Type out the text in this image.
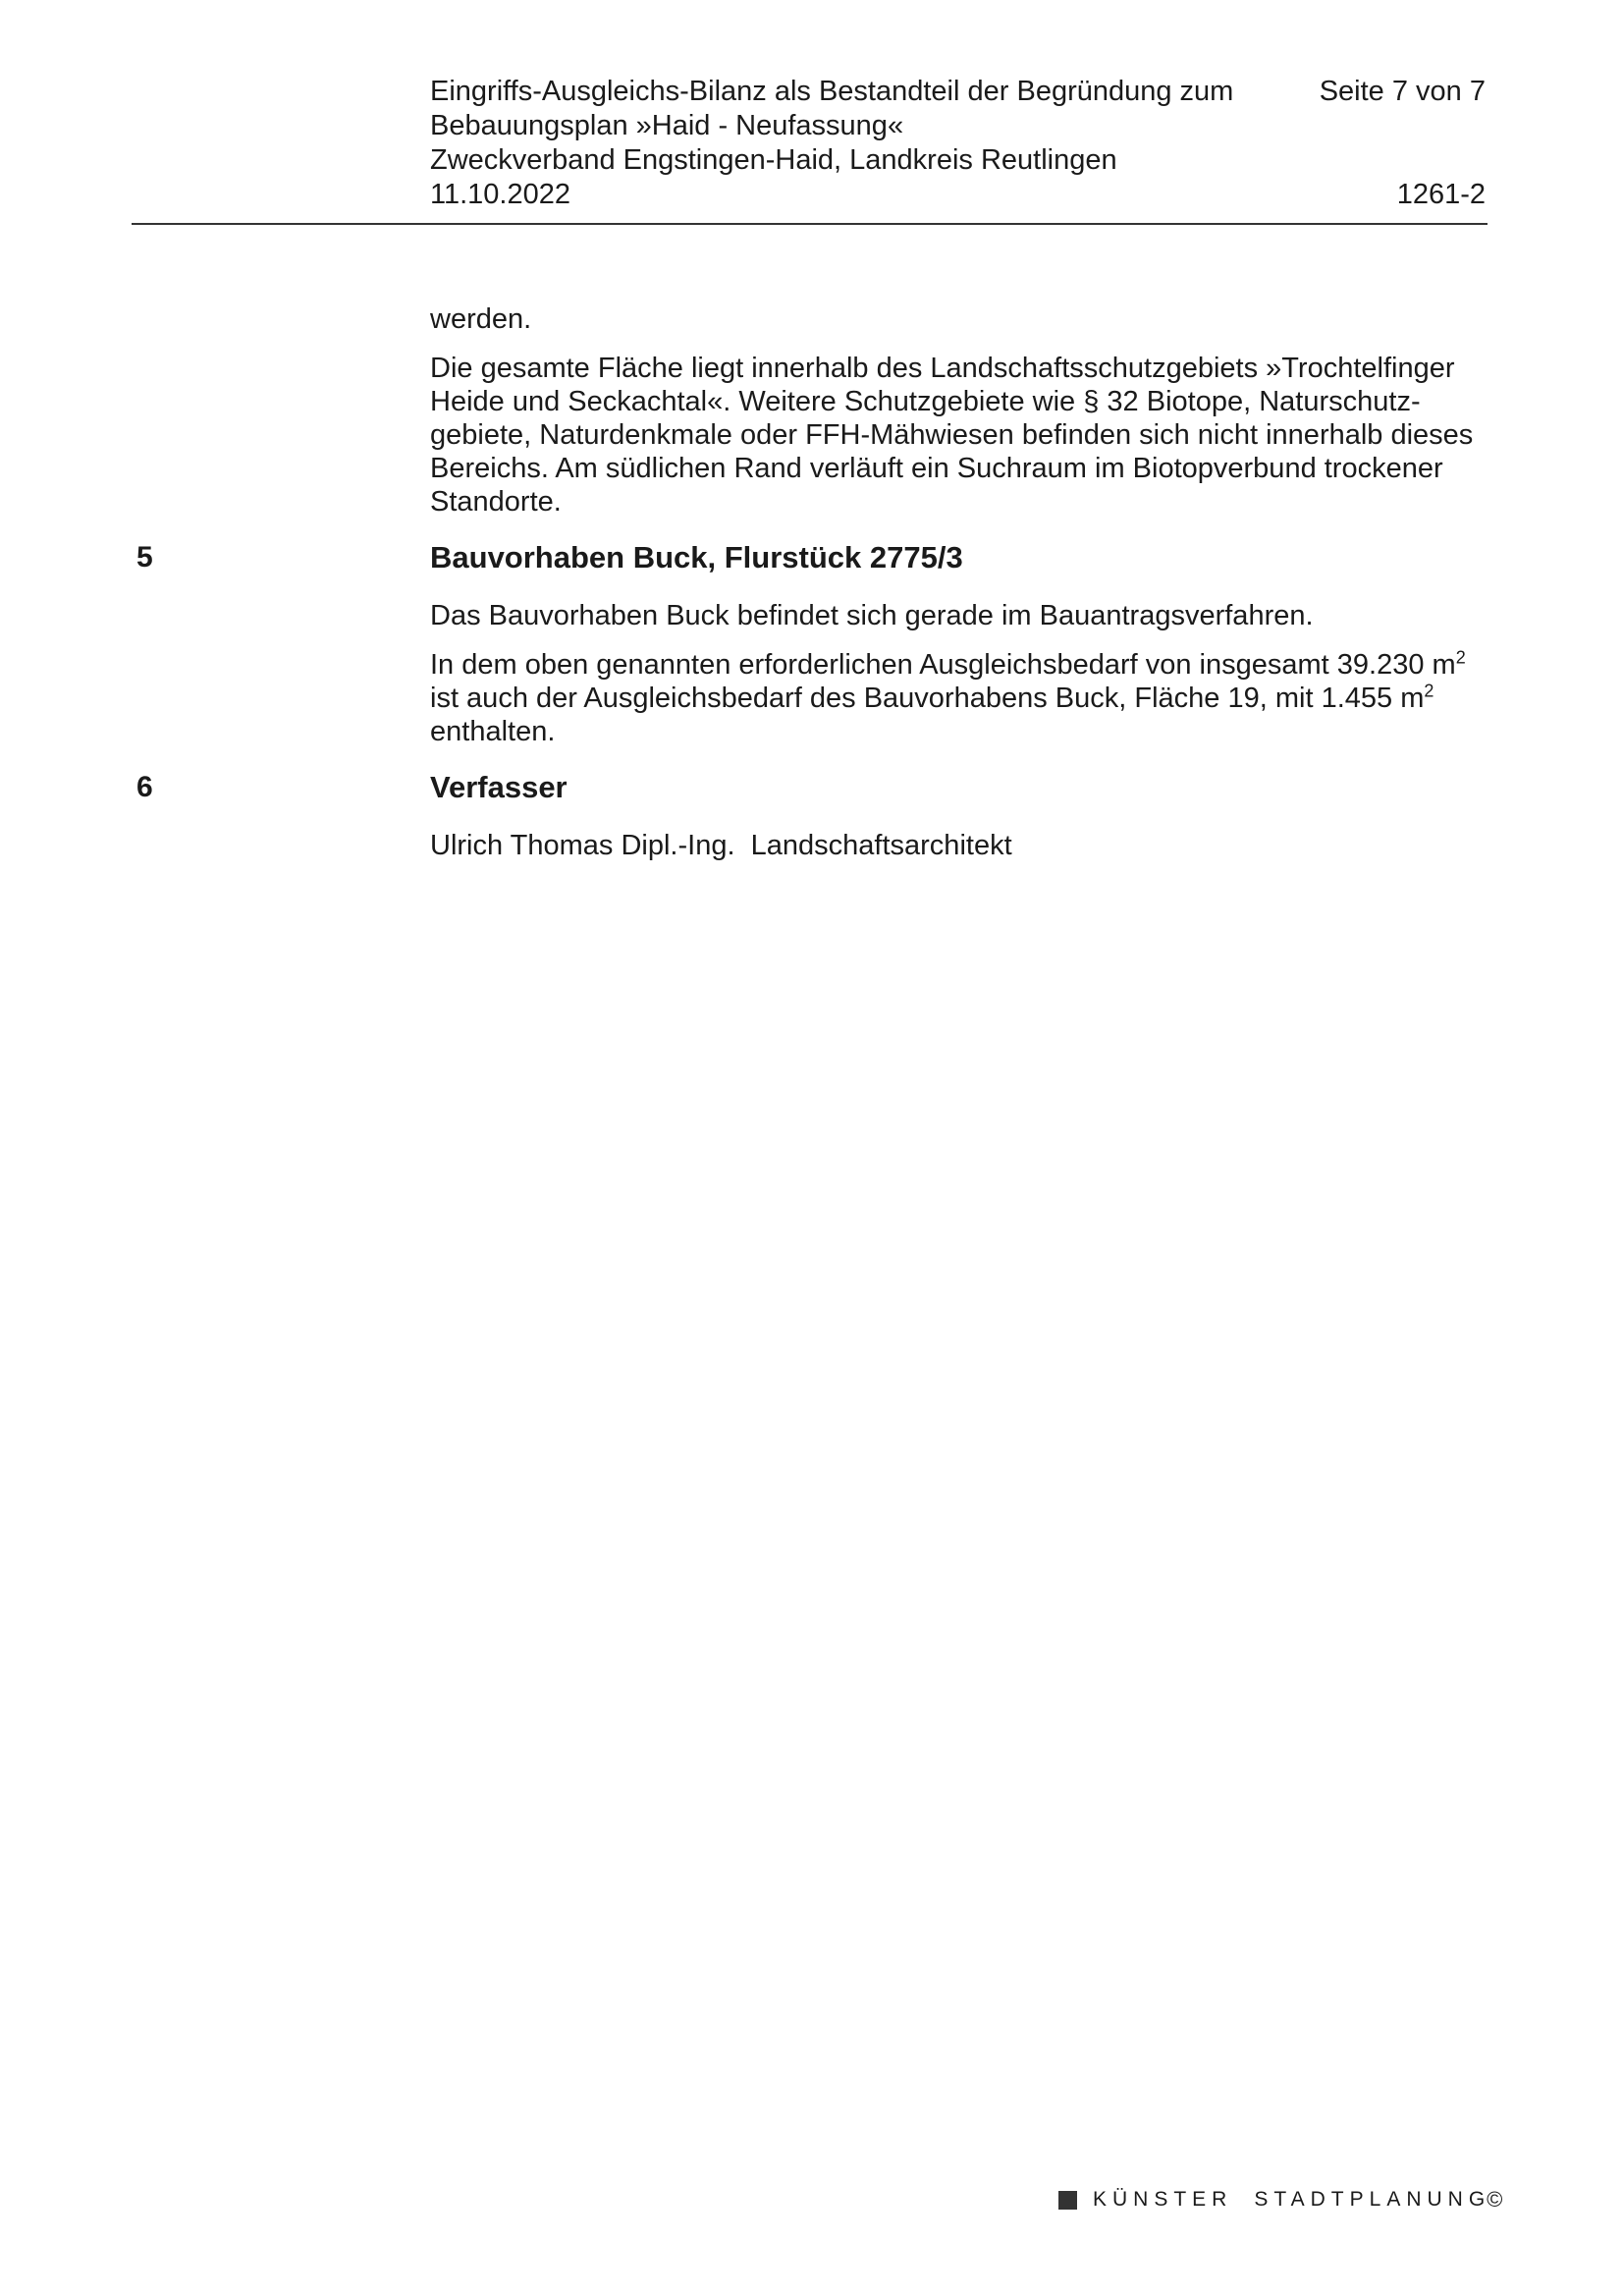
Eingriffs-Ausgleichs-Bilanz als Bestandteil der Begründung zum
Bebauungsplan »Haid - Neufassung«
Zweckverband Engstingen-Haid, Landkreis Reutlingen
11.10.2022
Seite 7 von 7
1261-2

werden.

Die gesamte Fläche liegt innerhalb des Landschaftsschutzgebiets »Trochtelfinger Heide und Seckachtal«. Weitere Schutzgebiete wie § 32 Biotope, Naturschutz-gebiete, Naturdenkmale oder FFH-Mähwiesen befinden sich nicht innerhalb dieses Bereichs. Am südlichen Rand verläuft ein Suchraum im Biotopverbund trockener Standorte.

5	Bauvorhaben Buck, Flurstück 2775/3

Das Bauvorhaben Buck befindet sich gerade im Bauantragsverfahren.

In dem oben genannten erforderlichen Ausgleichsbedarf von insgesamt 39.230 $m^2$ ist auch der Ausgleichsbedarf des Bauvorhabens Buck, Fläche 19, mit 1.455 $m^2$ enthalten.

6	Verfasser

Ulrich Thomas Dipl.-Ing. Landschaftsarchitekt

KÜNSTER STADTPLANUNG
©
